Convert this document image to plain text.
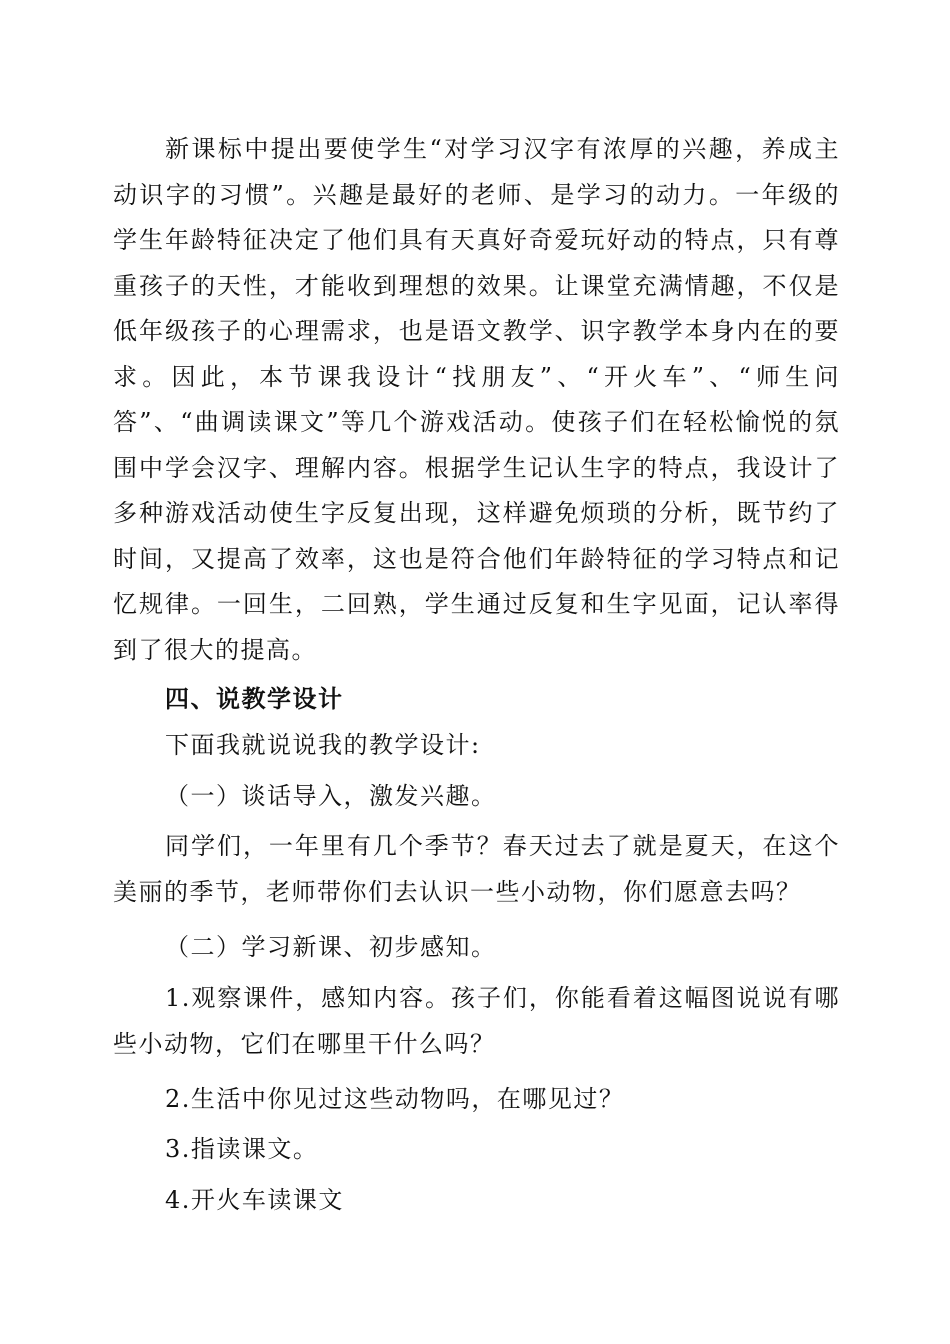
新课标中提出要使学生“对学习汉字有浓厚的兴趣，养成主动识字的习惯”。兴趣是最好的老师、是学习的动力。一年级的学生年龄特征决定了他们具有天真好奇爱玩好动的特点，只有尊重孩子的天性，才能收到理想的效果。让课堂充满情趣，不仅是低年级孩子的心理需求，也是语文教学、识字教学本身内在的要求。因此，本节课我设计“找朋友”、“开火车”、“师生问答”、“曲调读课文”等几个游戏活动。使孩子们在轻松愉悦的氛围中学会汉字、理解内容。根据学生记认生字的特点，我设计了多种游戏活动使生字反复出现，这样避免烦琐的分析，既节约了时间，又提高了效率，这也是符合他们年龄特征的学习特点和记忆规律。一回生，二回熟，学生通过反复和生字见面，记认率得到了很大的提高。

四、说教学设计

下面我就说说我的教学设计:

（一）谈话导入，激发兴趣。

同学们，一年里有几个季节？春天过去了就是夏天，在这个美丽的季节，老师带你们去认识一些小动物，你们愿意去吗？

（二）学习新课、初步感知。

1.观察课件，感知内容。孩子们，你能看着这幅图说说有哪些小动物，它们在哪里干什么吗？

2.生活中你见过这些动物吗，在哪见过？

3.指读课文。

4.开火车读课文
